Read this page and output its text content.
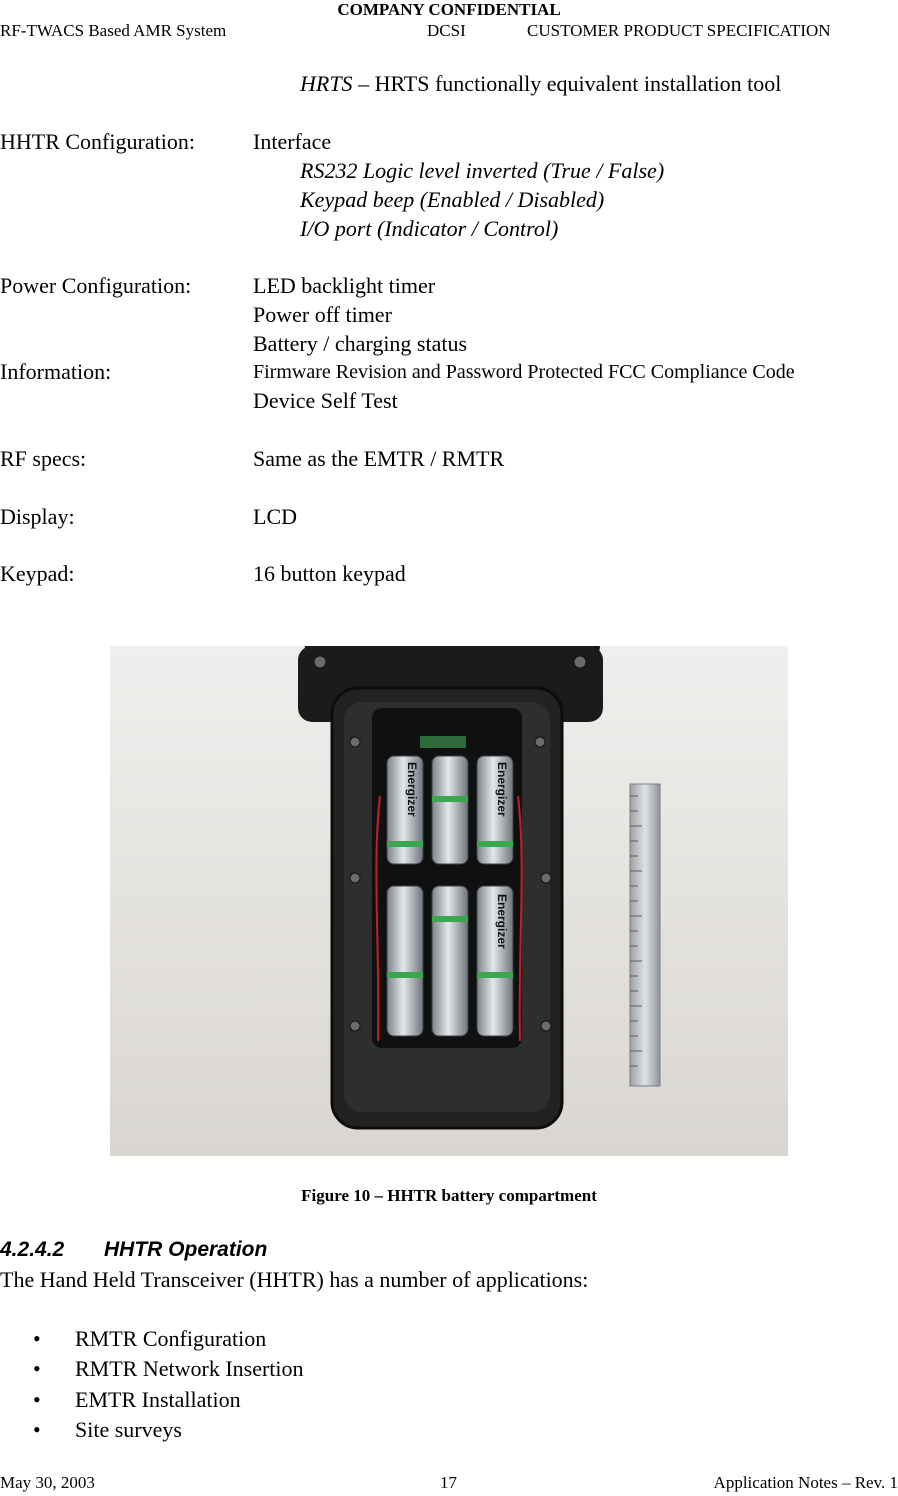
COMPANY CONFIDENTIAL
RF-TWACS Based AMR System	DCSI	CUSTOMER PRODUCT SPECIFICATION
HRTS – HRTS functionally equivalent installation tool
HHTR Configuration:	Interface
RS232 Logic level inverted (True / False)
Keypad beep (Enabled / Disabled)
I/O port (Indicator / Control)
Power Configuration:	LED backlight timer
Power off timer
Battery / charging status
Information:	Firmware Revision and Password Protected FCC Compliance Code
Device Self Test
RF specs:	Same as the EMTR / RMTR
Display:	LCD
Keypad:	16 button keypad
Energizer	Energizer
Energizer
Figure 10 – HHTR battery compartment
4.2.4.2 HHTR Operation
The Hand Held Transceiver (HHTR) has a number of applications:
• RMTR Configuration
• RMTR Network Insertion
• EMTR Installation
• Site surveys
May 30, 2003	17	Application Notes – Rev. 1
